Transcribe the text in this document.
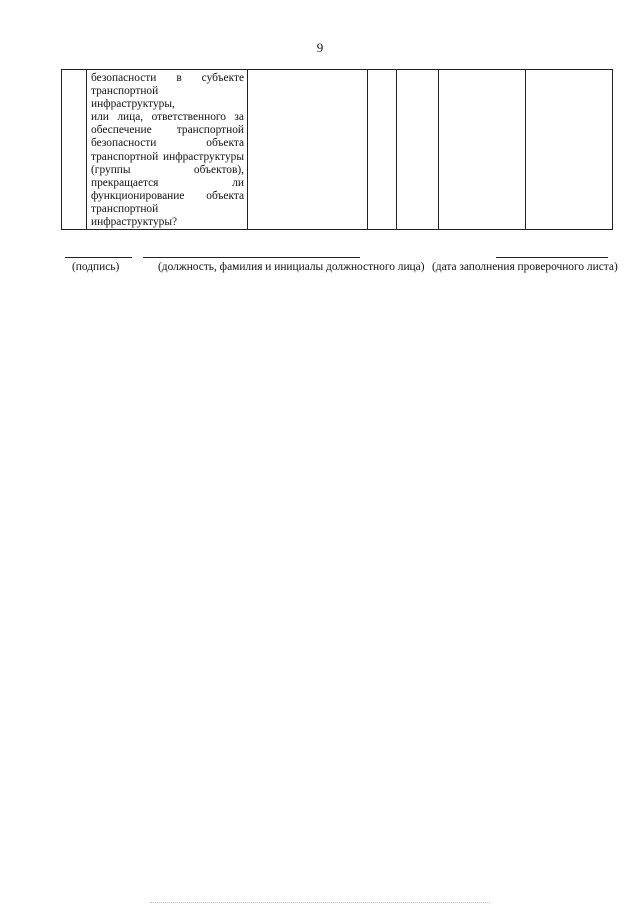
9

безопасности в субъекте
транспортной инфраструктуры,
или лица, ответственного за
обеспечение транспортной
безопасности объекта
транспортной инфраструктуры
(группы объектов),
прекращается ли
функционирование объекта
транспортной инфраструктуры?

(подпись)	(должность, фамилия и инициалы должностного лица) (дата заполнения проверочного листа)
